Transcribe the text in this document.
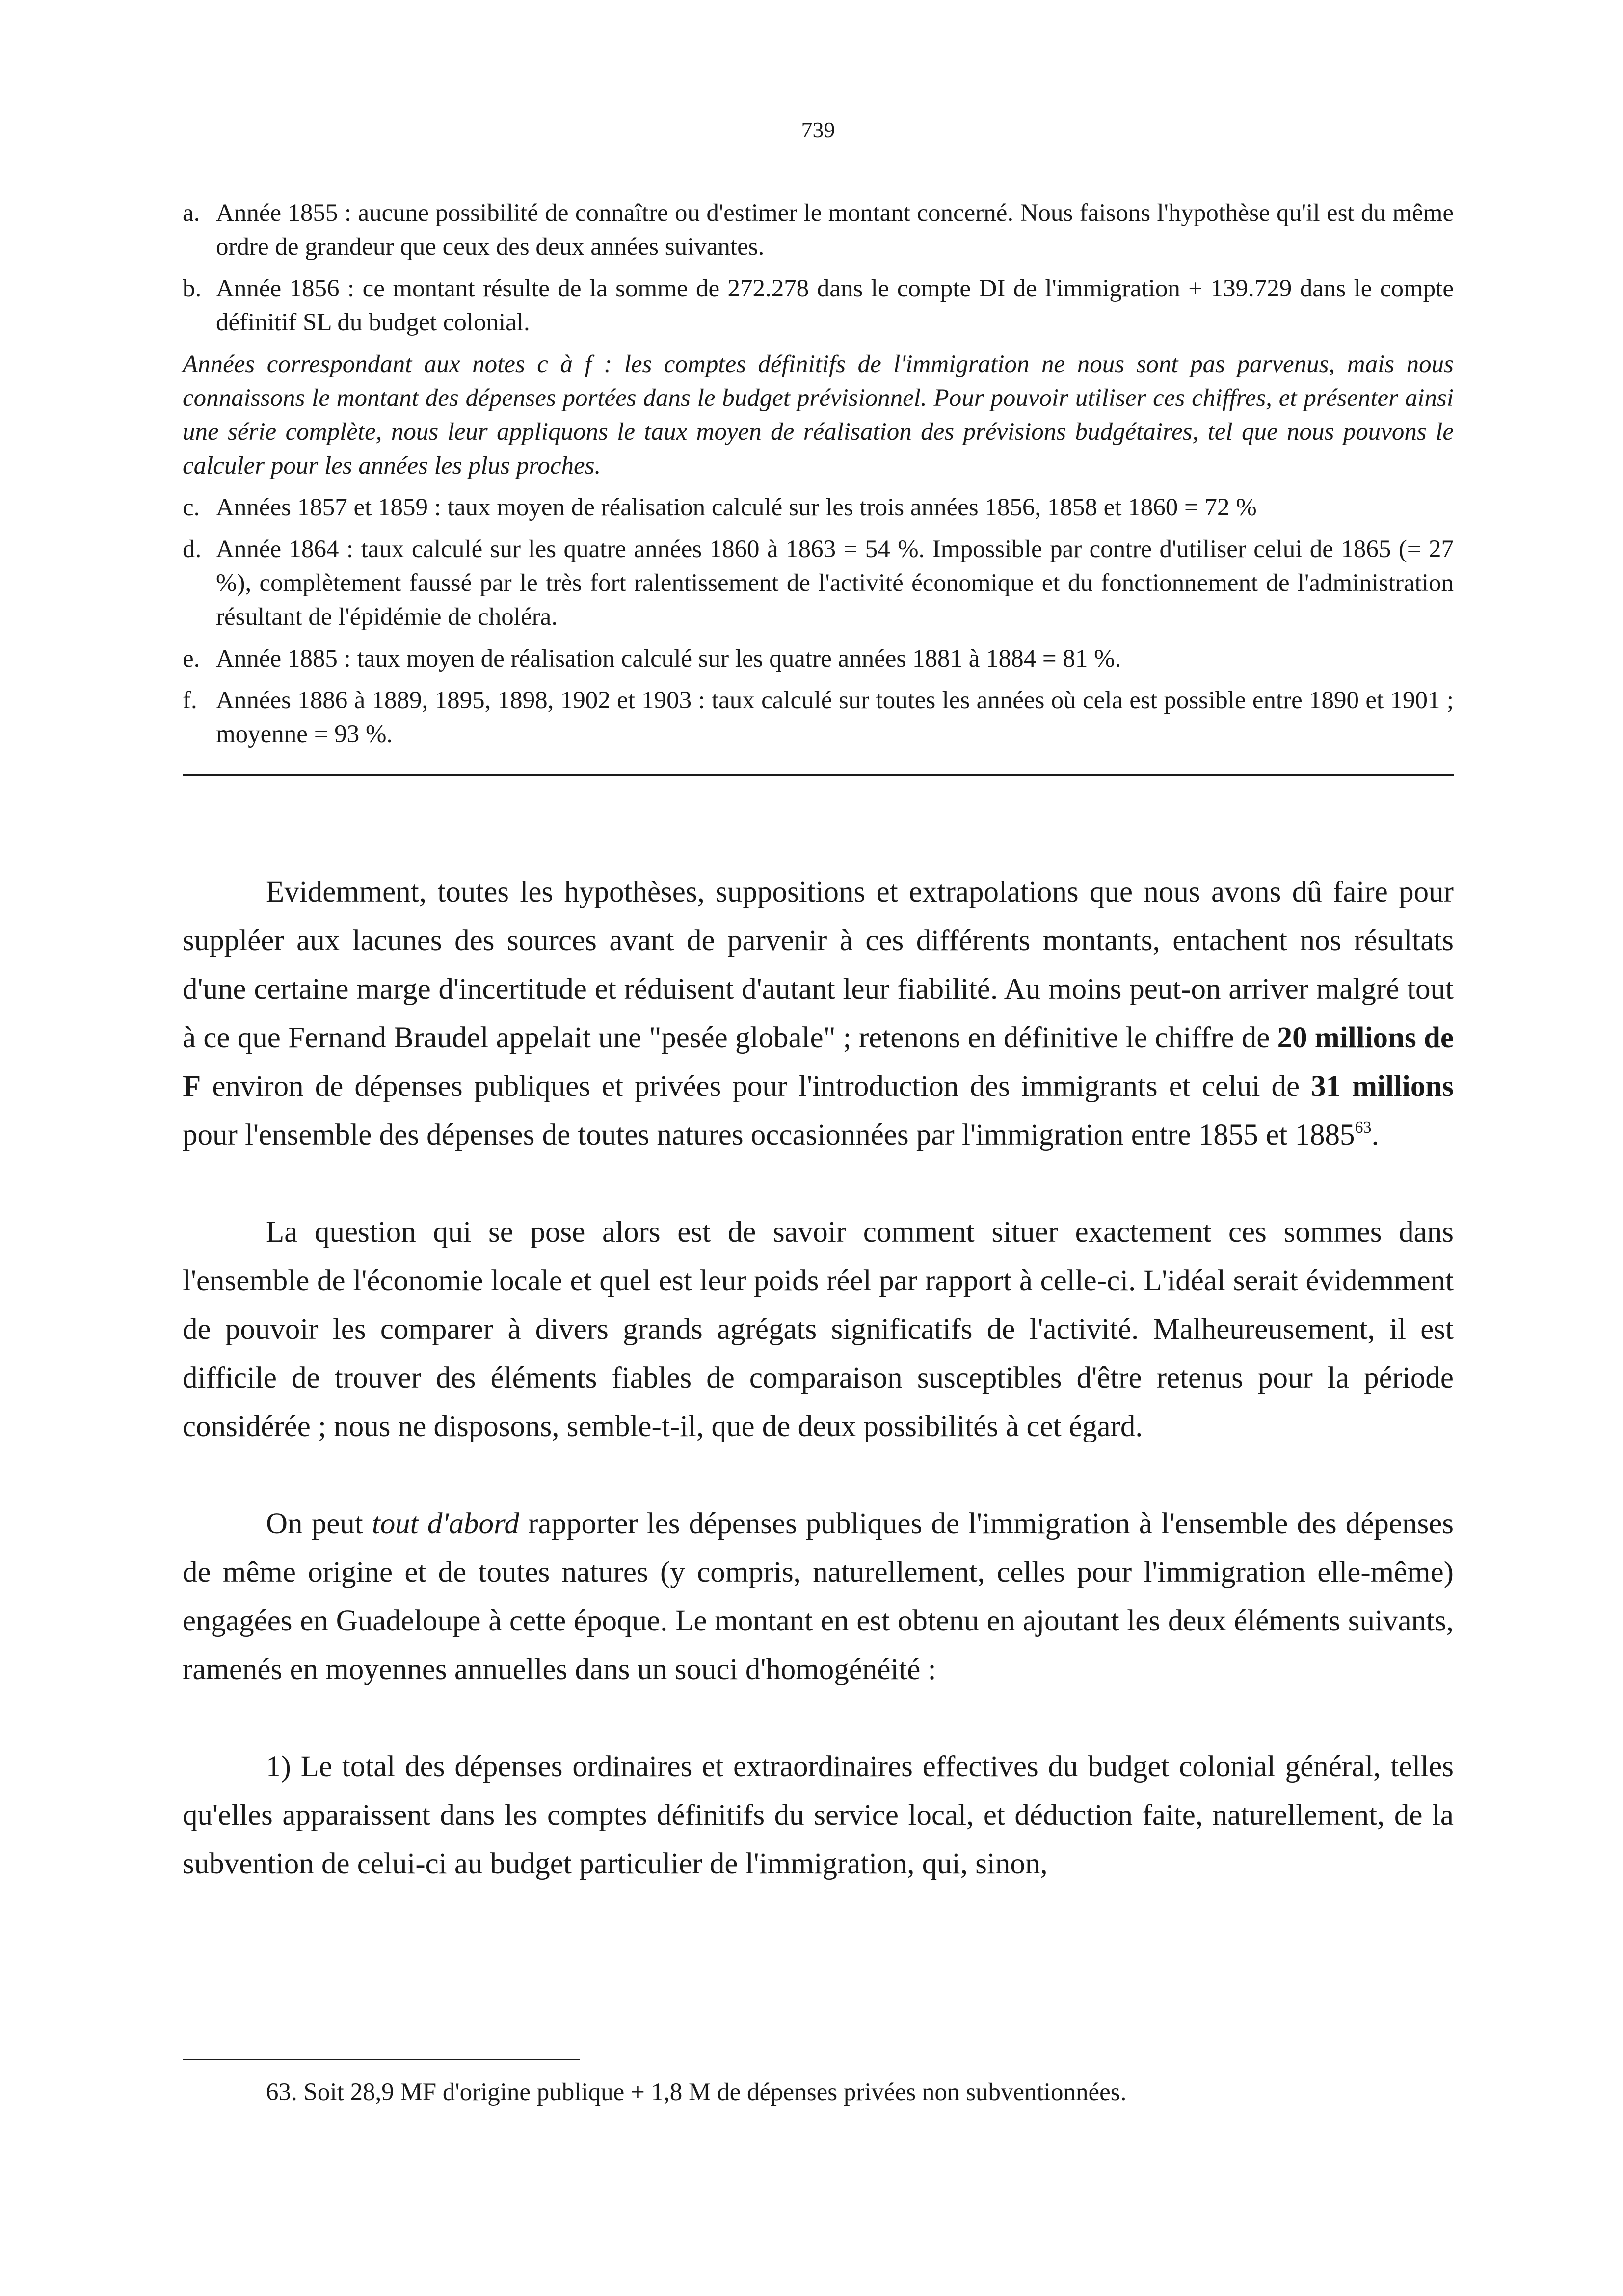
739
a. Année 1855 : aucune possibilité de connaître ou d'estimer le montant concerné. Nous faisons l'hypothèse qu'il est du même ordre de grandeur que ceux des deux années suivantes.
b. Année 1856 : ce montant résulte de la somme de 272.278 dans le compte DI de l'immigration + 139.729 dans le compte définitif SL du budget colonial.
Années correspondant aux notes c à f : les comptes définitifs de l'immigration ne nous sont pas parvenus, mais nous connaissons le montant des dépenses portées dans le budget prévisionnel. Pour pouvoir utiliser ces chiffres, et présenter ainsi une série complète, nous leur appliquons le taux moyen de réalisation des prévisions budgétaires, tel que nous pouvons le calculer pour les années les plus proches.
c. Années 1857 et 1859 : taux moyen de réalisation calculé sur les trois années 1856, 1858 et 1860 = 72 %
d. Année 1864 : taux calculé sur les quatre années 1860 à 1863 = 54 %. Impossible par contre d'utiliser celui de 1865 (= 27 %), complètement faussé par le très fort ralentissement de l'activité économique et du fonctionnement de l'administration résultant de l'épidémie de choléra.
e. Année 1885 : taux moyen de réalisation calculé sur les quatre années 1881 à 1884 = 81 %.
f. Années 1886 à 1889, 1895, 1898, 1902 et 1903 : taux calculé sur toutes les années où cela est possible entre 1890 et 1901 ; moyenne = 93 %.

Evidemment, toutes les hypothèses, suppositions et extrapolations que nous avons dû faire pour suppléer aux lacunes des sources avant de parvenir à ces différents montants, entachent nos résultats d'une certaine marge d'incertitude et réduisent d'autant leur fiabilité. Au moins peut-on arriver malgré tout à ce que Fernand Braudel appelait une "pesée globale" ; retenons en définitive le chiffre de 20 millions de F environ de dépenses publiques et privées pour l'introduction des immigrants et celui de 31 millions pour l'ensemble des dépenses de toutes natures occasionnées par l'immigration entre 1855 et 1885$^{63}$.

La question qui se pose alors est de savoir comment situer exactement ces sommes dans l'ensemble de l'économie locale et quel est leur poids réel par rapport à celle-ci. L'idéal serait évidemment de pouvoir les comparer à divers grands agrégats significatifs de l'activité. Malheureusement, il est difficile de trouver des éléments fiables de comparaison susceptibles d'être retenus pour la période considérée ; nous ne disposons, semble-t-il, que de deux possibilités à cet égard.

On peut tout d'abord rapporter les dépenses publiques de l'immigration à l'ensemble des dépenses de même origine et de toutes natures (y compris, naturellement, celles pour l'immigration elle-même) engagées en Guadeloupe à cette époque. Le montant en est obtenu en ajoutant les deux éléments suivants, ramenés en moyennes annuelles dans un souci d'homogénéité :

1) Le total des dépenses ordinaires et extraordinaires effectives du budget colonial général, telles qu'elles apparaissent dans les comptes définitifs du service local, et déduction faite, naturellement, de la subvention de celui-ci au budget particulier de l'immigration, qui, sinon,

63. Soit 28,9 MF d'origine publique + 1,8 M de dépenses privées non subventionnées.
